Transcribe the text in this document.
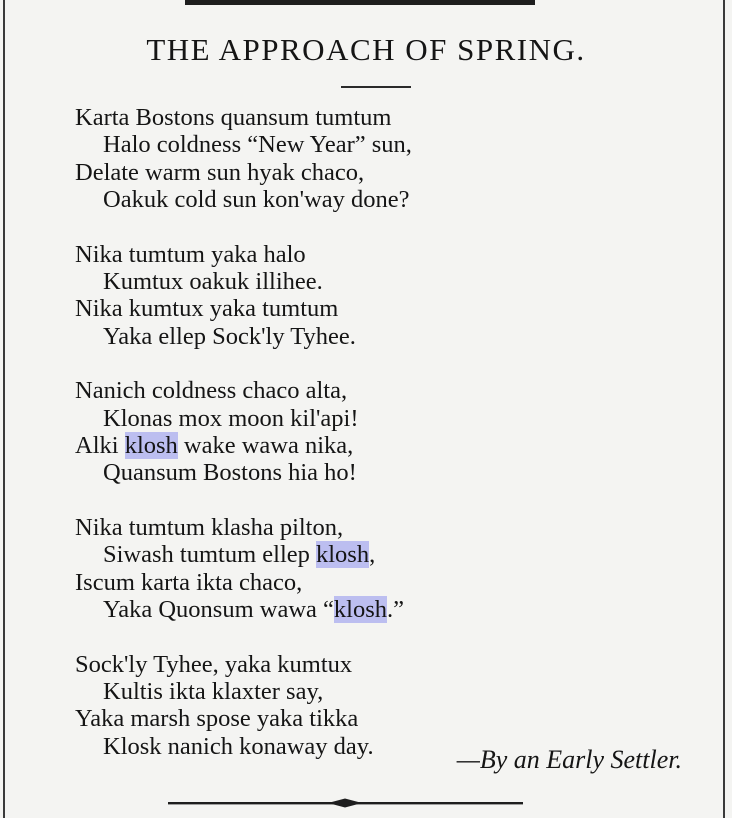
THE APPROACH OF SPRING.
Karta Bostons quansum tumtum
Halo coldness “New Year” sun,
Delate warm sun hyak chaco,
Oakuk cold sun kon'way done?
Nika tumtum yaka halo
Kumtux oakuk illihee.
Nika kumtux yaka tumtum
Yaka ellep Sock'ly Tyhee.
Nanich coldness chaco alta,
Klonas mox moon kil'api!
Alki klosh wake wawa nika,
Quansum Bostons hia ho!
Nika tumtum klasha pilton,
Siwash tumtum ellep klosh,
Iscum karta ikta chaco,
Yaka Quonsum wawa “klosh.”
Sock'ly Tyhee, yaka kumtux
Kultis ikta klaxter say,
Yaka marsh spose yaka tikka
Klosk nanich konaway day.	—By an Early Settler.
